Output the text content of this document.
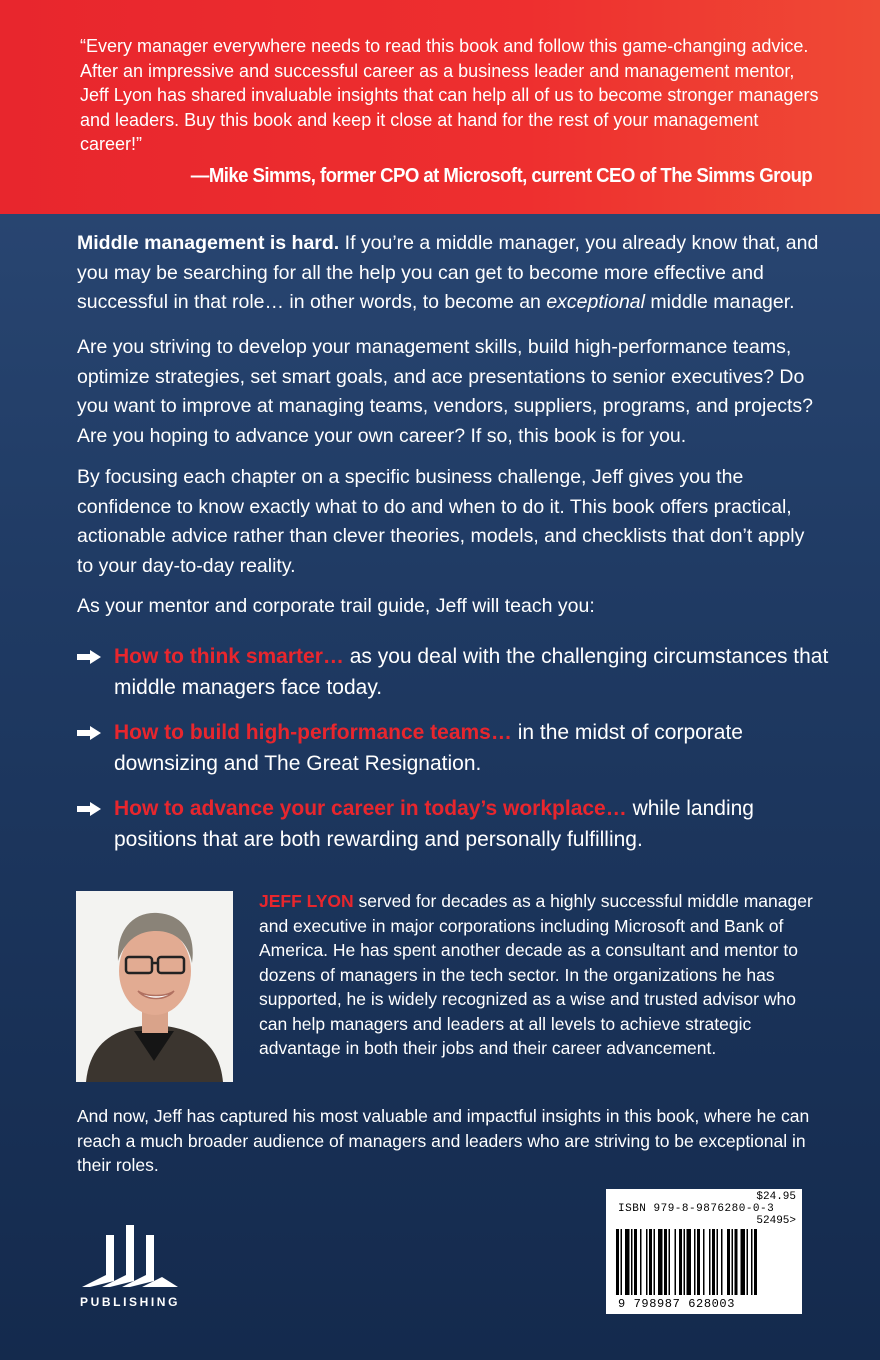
“Every manager everywhere needs to read this book and follow this game-changing advice. After an impressive and successful career as a business leader and management mentor, Jeff Lyon has shared invaluable insights that can help all of us to become stronger managers and leaders. Buy this book and keep it close at hand for the rest of your management career!”

—Mike Simms, former CPO at Microsoft, current CEO of The Simms Group

Middle management is hard. If you’re a middle manager, you already know that, and you may be searching for all the help you can get to become more effective and successful in that role… in other words, to become an exceptional middle manager.

Are you striving to develop your management skills, build high-performance teams, optimize strategies, set smart goals, and ace presentations to senior executives? Do you want to improve at managing teams, vendors, suppliers, programs, and projects? Are you hoping to advance your own career? If so, this book is for you.

By focusing each chapter on a specific business challenge, Jeff gives you the confidence to know exactly what to do and when to do it. This book offers practical, actionable advice rather than clever theories, models, and checklists that don’t apply to your day-to-day reality.

As your mentor and corporate trail guide, Jeff will teach you:

How to think smarter… as you deal with the challenging circumstances that middle managers face today.
How to build high-performance teams… in the midst of corporate downsizing and The Great Resignation.
How to advance your career in today’s workplace… while landing positions that are both rewarding and personally fulfilling.

JEFF LYON served for decades as a highly successful middle manager and executive in major corporations including Microsoft and Bank of America. He has spent another decade as a consultant and mentor to dozens of managers in the tech sector. In the organizations he has supported, he is widely recognized as a wise and trusted advisor who can help managers and leaders at all levels to achieve strategic advantage in both their jobs and their career advancement.

And now, Jeff has captured his most valuable and impactful insights in this book, where he can reach a much broader audience of managers and leaders who are striving to be exceptional in their roles.

PUBLISHING
$24.95
ISBN 979-8-9876280-0-3
52495>
9 798987 628003
